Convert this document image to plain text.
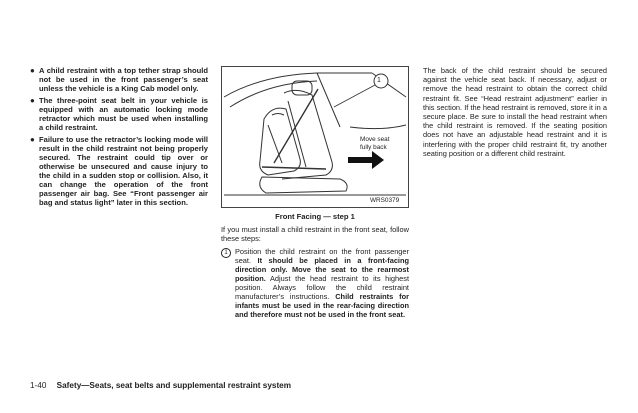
● A child restraint with a top tether strap should not be used in the front passenger’s seat unless the vehicle is a King Cab model only.
● The three-point seat belt in your vehicle is equipped with an automatic locking mode retractor which must be used when installing a child restraint.
● Failure to use the retractor’s locking mode will result in the child restraint not being properly secured. The restraint could tip over or otherwise be unsecured and cause injury to the child in a sudden stop or collision. Also, it can change the operation of the front passenger air bag. See “Front passenger air bag and status light” later in this section.
1
Move seat
fully back
WRS0379
Front Facing — step 1
If you must install a child restraint in the front seat, follow these steps:
1 Position the child restraint on the front passenger seat. It should be placed in a front-facing direction only. Move the seat to the rearmost position. Adjust the head restraint to its highest position. Always follow the child restraint manufacturer’s instructions. Child restraints for infants must be used in the rear-facing direction and therefore must not be used in the front seat.
The back of the child restraint should be secured against the vehicle seat back. If necessary, adjust or remove the head restraint to obtain the correct child restraint fit. See “Head restraint adjustment” earlier in this section. If the head restraint is removed, store it in a secure place. Be sure to install the head restraint when the child restraint is removed. If the seating position does not have an adjustable head restraint and it is interfering with the proper child restraint fit, try another seating position or a different child restraint.
1-40 Safety—Seats, seat belts and supplemental restraint system
